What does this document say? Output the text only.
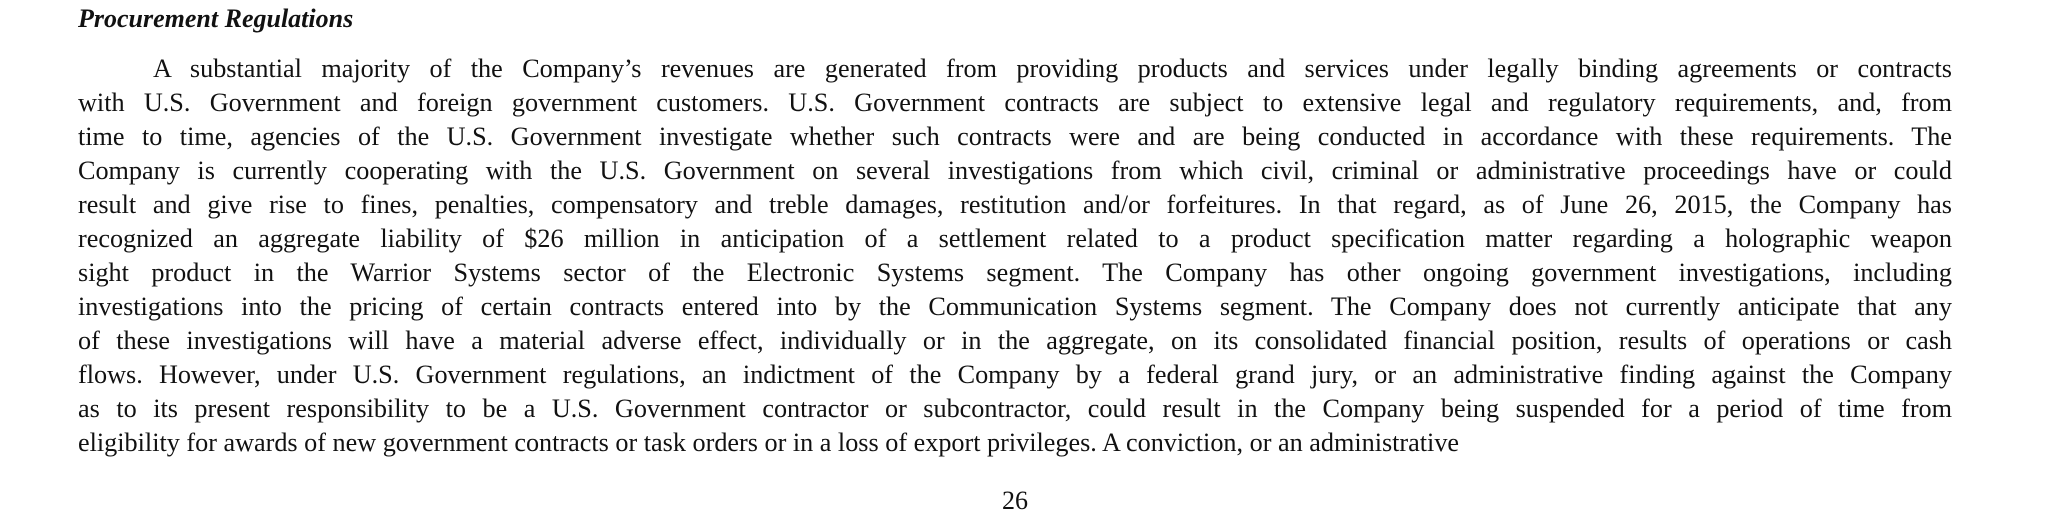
Procurement Regulations
A substantial majority of the Company’s revenues are generated from providing products and services under legally binding agreements or contracts
with U.S. Government and foreign government customers. U.S. Government contracts are subject to extensive legal and regulatory requirements, and, from
time to time, agencies of the U.S. Government investigate whether such contracts were and are being conducted in accordance with these requirements. The
Company is currently cooperating with the U.S. Government on several investigations from which civil, criminal or administrative proceedings have or could
result and give rise to fines, penalties, compensatory and treble damages, restitution and/or forfeitures. In that regard, as of June 26, 2015, the Company has
recognized an aggregate liability of $26 million in anticipation of a settlement related to a product specification matter regarding a holographic weapon
sight product in the Warrior Systems sector of the Electronic Systems segment. The Company has other ongoing government investigations, including
investigations into the pricing of certain contracts entered into by the Communication Systems segment. The Company does not currently anticipate that any
of these investigations will have a material adverse effect, individually or in the aggregate, on its consolidated financial position, results of operations or cash
flows. However, under U.S. Government regulations, an indictment of the Company by a federal grand jury, or an administrative finding against the Company
as to its present responsibility to be a U.S. Government contractor or subcontractor, could result in the Company being suspended for a period of time from
eligibility for awards of new government contracts or task orders or in a loss of export privileges. A conviction, or an administrative
26
